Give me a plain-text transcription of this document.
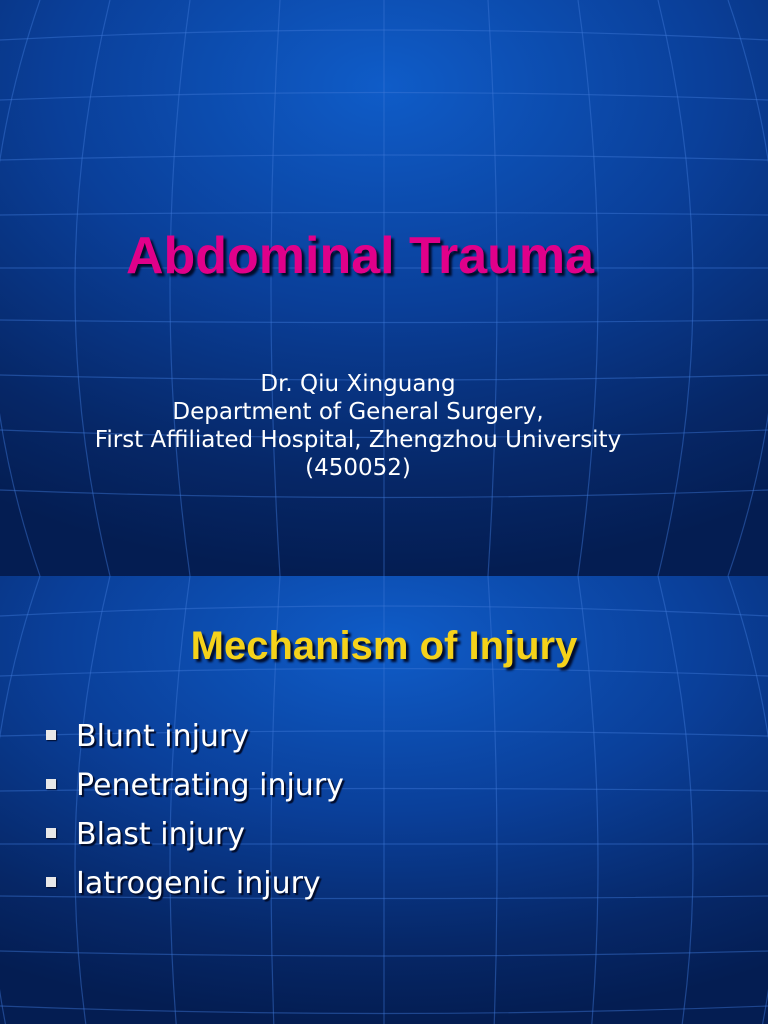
Abdominal Trauma
Dr. Qiu Xinguang
Department of General Surgery,
First Affiliated Hospital, Zhengzhou University
(450052)
Mechanism of Injury
Blunt injury
Penetrating injury
Blast injury
Iatrogenic injury
